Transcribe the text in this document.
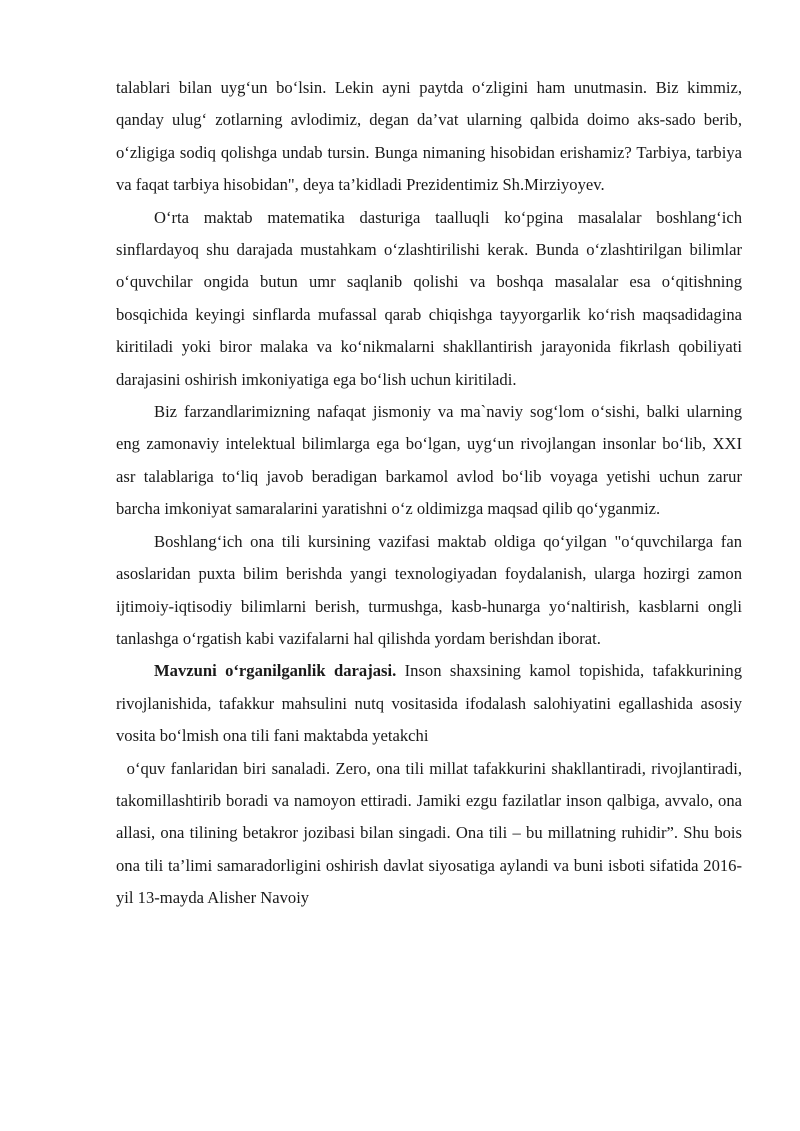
talablari bilan uyg‘un bo‘lsin. Lekin ayni paytda o‘zligini ham unutmasin. Biz kimmiz, qanday ulug‘ zotlarning avlodimiz, degan da’vat ularning qalbida doimo aks-sado berib, o‘zligiga sodiq qolishga undab tursin. Bunga nimaning hisobidan erishamiz? Tarbiya, tarbiya va faqat tarbiya hisobidan", deya ta’kidladi Prezidentimiz Sh.Mirziyoyev.

O‘rta maktab matematika dasturiga taalluqli ko‘pgina masalalar boshlang‘ich sinflardayoq shu darajada mustahkam o‘zlashtirilishi kerak. Bunda o‘zlashtirilgan bilimlar o‘quvchilar ongida butun umr saqlanib qolishi va boshqa masalalar esa o‘qitishning bosqichida keyingi sinflarda mufassal qarab chiqishga tayyorgarlik ko‘rish maqsadidagina kiritiladi yoki biror malaka va ko‘nikmalarni shakllantirish jarayonida fikrlash qobiliyati darajasini oshirish imkoniyatiga ega bo‘lish uchun kiritiladi.

Biz farzandlarimizning nafaqat jismoniy va ma`naviy sog‘lom o‘sishi, balki ularning eng zamonaviy intelektual bilimlarga ega bo‘lgan, uyg‘un rivojlangan insonlar bo‘lib, XXI asr talablariga to‘liq javob beradigan barkamol avlod bo‘lib voyaga yetishi uchun zarur barcha imkoniyat samaralarini yaratishni o‘z oldimizga maqsad qilib qo‘yganmiz.

Boshlang‘ich ona tili kursining vazifasi maktab oldiga qo‘yilgan "o‘quvchilarga fan asoslaridan puxta bilim berishda yangi texnologiyadan foydalanish, ularga hozirgi zamon ijtimoiy-iqtisodiy bilimlarni berish, turmushga, kasb-hunarga yo‘naltirish, kasblarni ongli tanlashga o‘rgatish kabi vazifalarni hal qilishda yordam berishdan iborat.

Mavzuni o‘rganilganlik darajasi. Inson shaxsining kamol topishida, tafakkurining rivojlanishida, tafakkur mahsulini nutq vositasida ifodalash salohiyatini egallashida asosiy vosita bo‘lmish ona tili fani maktabda yetakchi

o‘quv fanlaridan biri sanaladi. Zero, ona tili millat tafakkurini shakllantiradi, rivojlantiradi, takomillashtirib boradi va namoyon ettiradi. Jamiki ezgu fazilatlar inson qalbiga, avvalo, ona allasi, ona tilining betakror jozibasi bilan singadi. Ona tili – bu millatning ruhidir”. Shu bois ona tili ta’limi samaradorligini oshirish davlat siyosatiga aylandi va buni isboti sifatida 2016-yil 13-mayda Alisher Navoiy
